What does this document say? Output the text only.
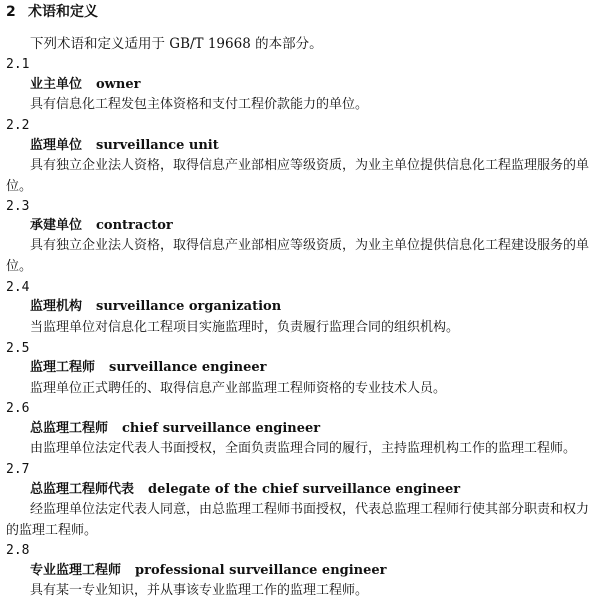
2 术语和定义
下列术语和定义适用于 GB/T 19668 的本部分。
2.1
业主单位 owner
具有信息化工程发包主体资格和支付工程价款能力的单位。
2.2
监理单位 surveillance unit
具有独立企业法人资格，取得信息产业部相应等级资质，为业主单位提供信息化工程监理服务的单位。
2.3
承建单位 contractor
具有独立企业法人资格，取得信息产业部相应等级资质，为业主单位提供信息化工程建设服务的单位。
2.4
监理机构 surveillance organization
当监理单位对信息化工程项目实施监理时，负责履行监理合同的组织机构。
2.5
监理工程师 surveillance engineer
监理单位正式聘任的、取得信息产业部监理工程师资格的专业技术人员。
2.6
总监理工程师 chief surveillance engineer
由监理单位法定代表人书面授权，全面负责监理合同的履行，主持监理机构工作的监理工程师。
2.7
总监理工程师代表 delegate of the chief surveillance engineer
经监理单位法定代表人同意，由总监理工程师书面授权，代表总监理工程师行使其部分职责和权力的监理工程师。
2.8
专业监理工程师 professional surveillance engineer
具有某一专业知识，并从事该专业监理工作的监理工程师。
